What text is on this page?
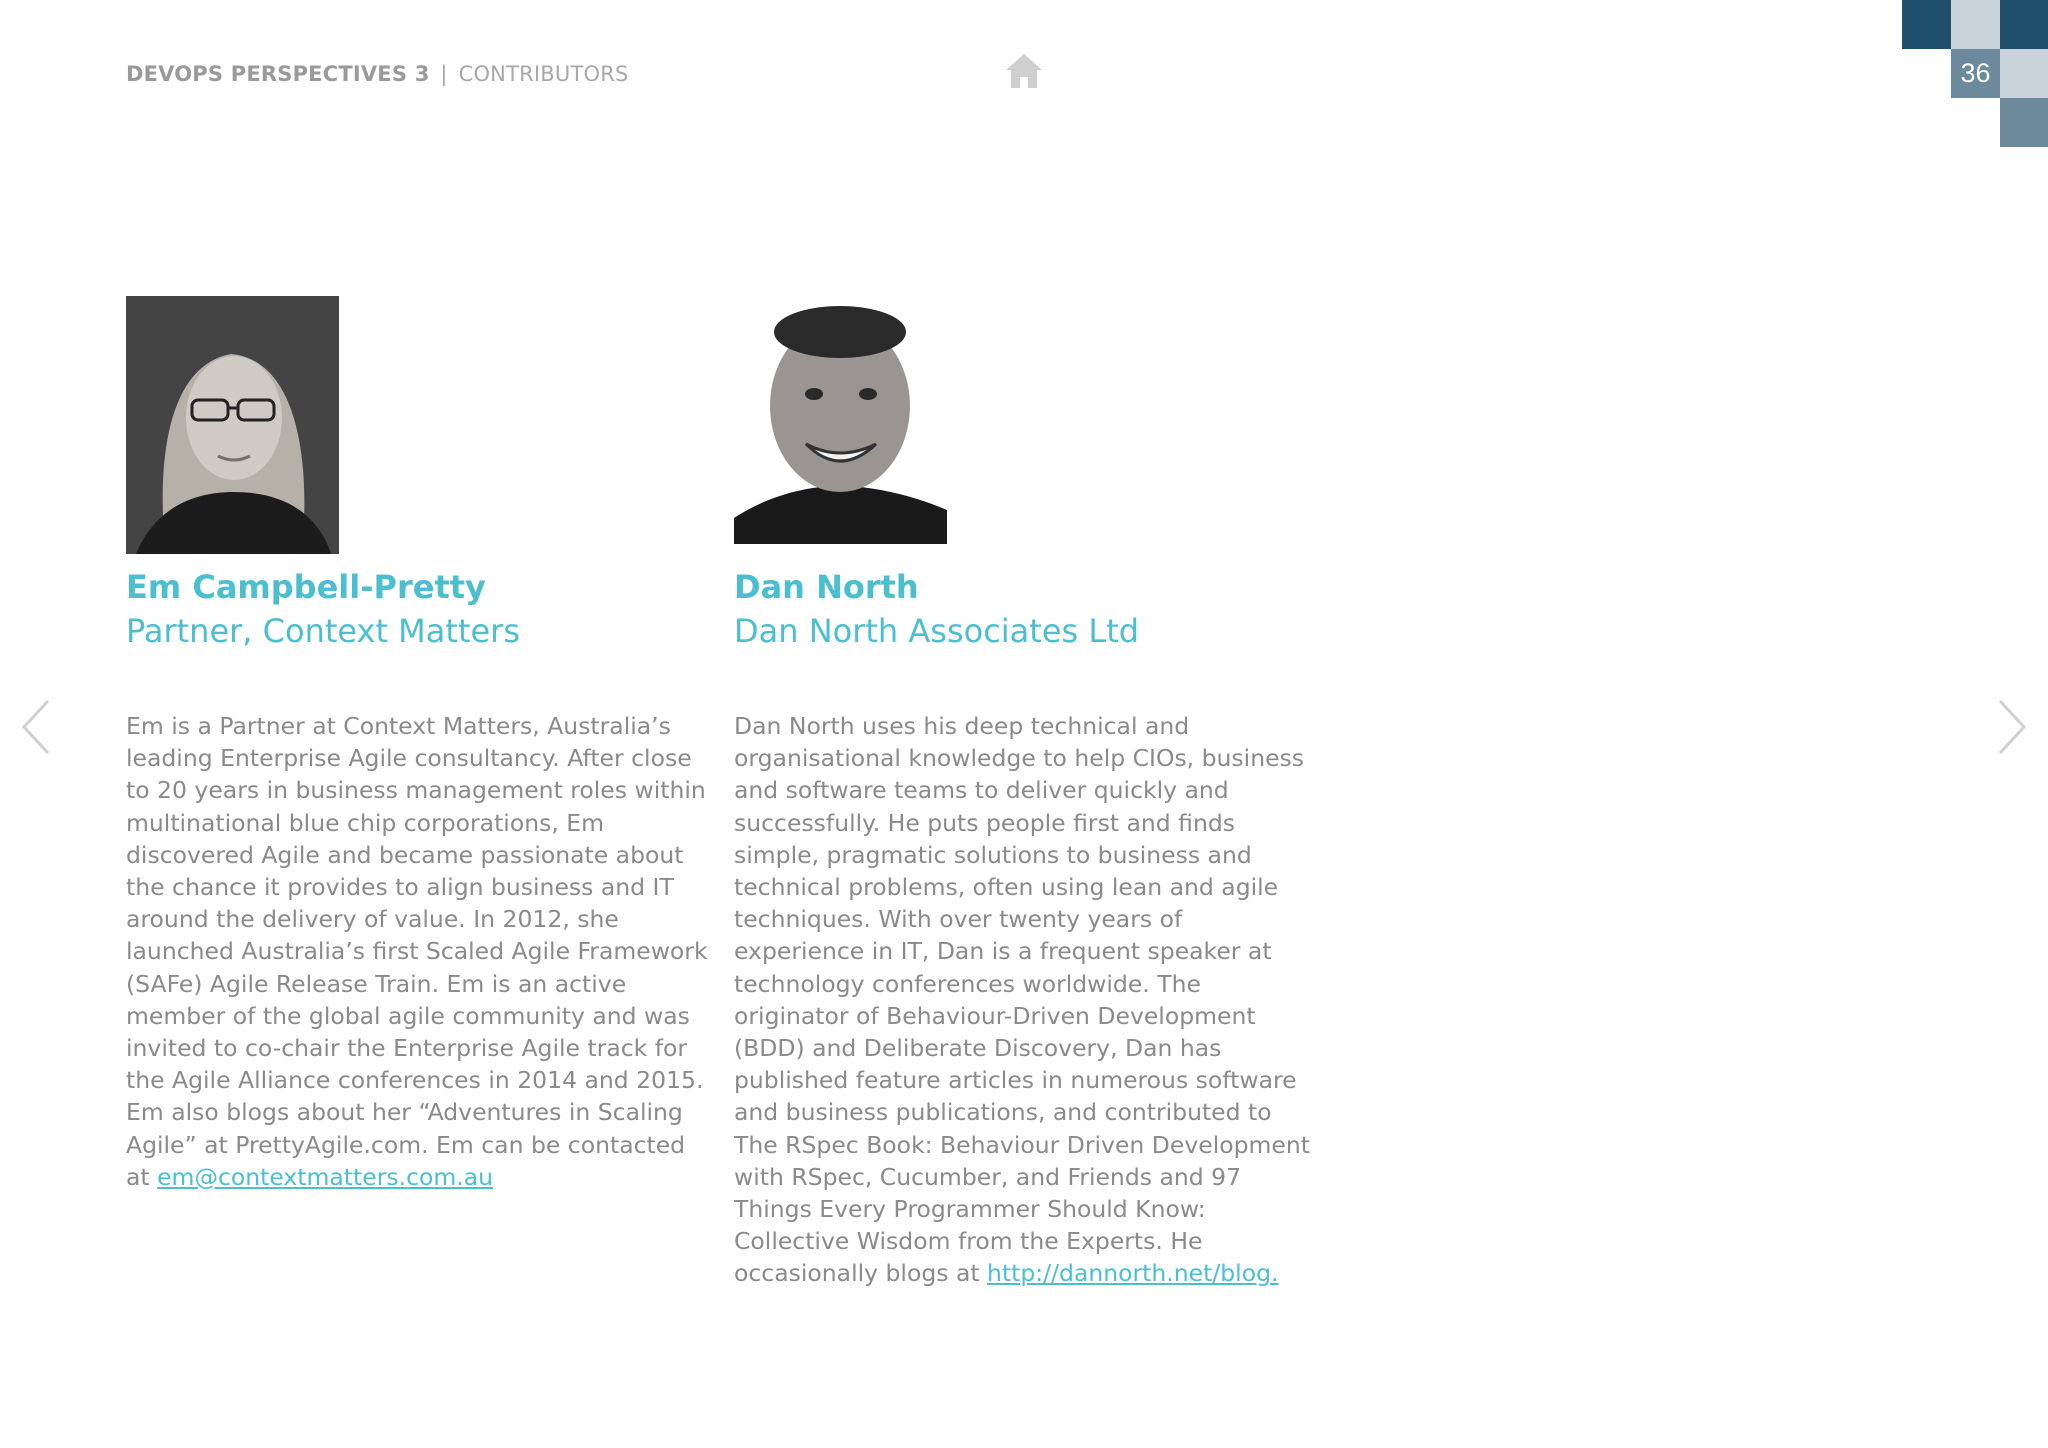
DEVOPS PERSPECTIVES 3 | CONTRIBUTORS	36
Em Campbell-Pretty
Partner, Context Matters

Em is a Partner at Context Matters, Australia’s leading Enterprise Agile consultancy. After close to 20 years in business management roles within multinational blue chip corporations, Em discovered Agile and became passionate about the chance it provides to align business and IT around the delivery of value. In 2012, she launched Australia’s first Scaled Agile Framework (SAFe) Agile Release Train. Em is an active member of the global agile community and was invited to co-chair the Enterprise Agile track for the Agile Alliance conferences in 2014 and 2015. Em also blogs about her “Adventures in Scaling Agile” at PrettyAgile.com. Em can be contacted at em@contextmatters.com.au

Dan North
Dan North Associates Ltd

Dan North uses his deep technical and organisational knowledge to help CIOs, business and software teams to deliver quickly and successfully. He puts people first and finds simple, pragmatic solutions to business and technical problems, often using lean and agile techniques. With over twenty years of experience in IT, Dan is a frequent speaker at technology conferences worldwide. The originator of Behaviour-Driven Development (BDD) and Deliberate Discovery, Dan has published feature articles in numerous software and business publications, and contributed to The RSpec Book: Behaviour Driven Development with RSpec, Cucumber, and Friends and 97 Things Every Programmer Should Know: Collective Wisdom from the Experts. He occasionally blogs at http://dannorth.net/blog.
